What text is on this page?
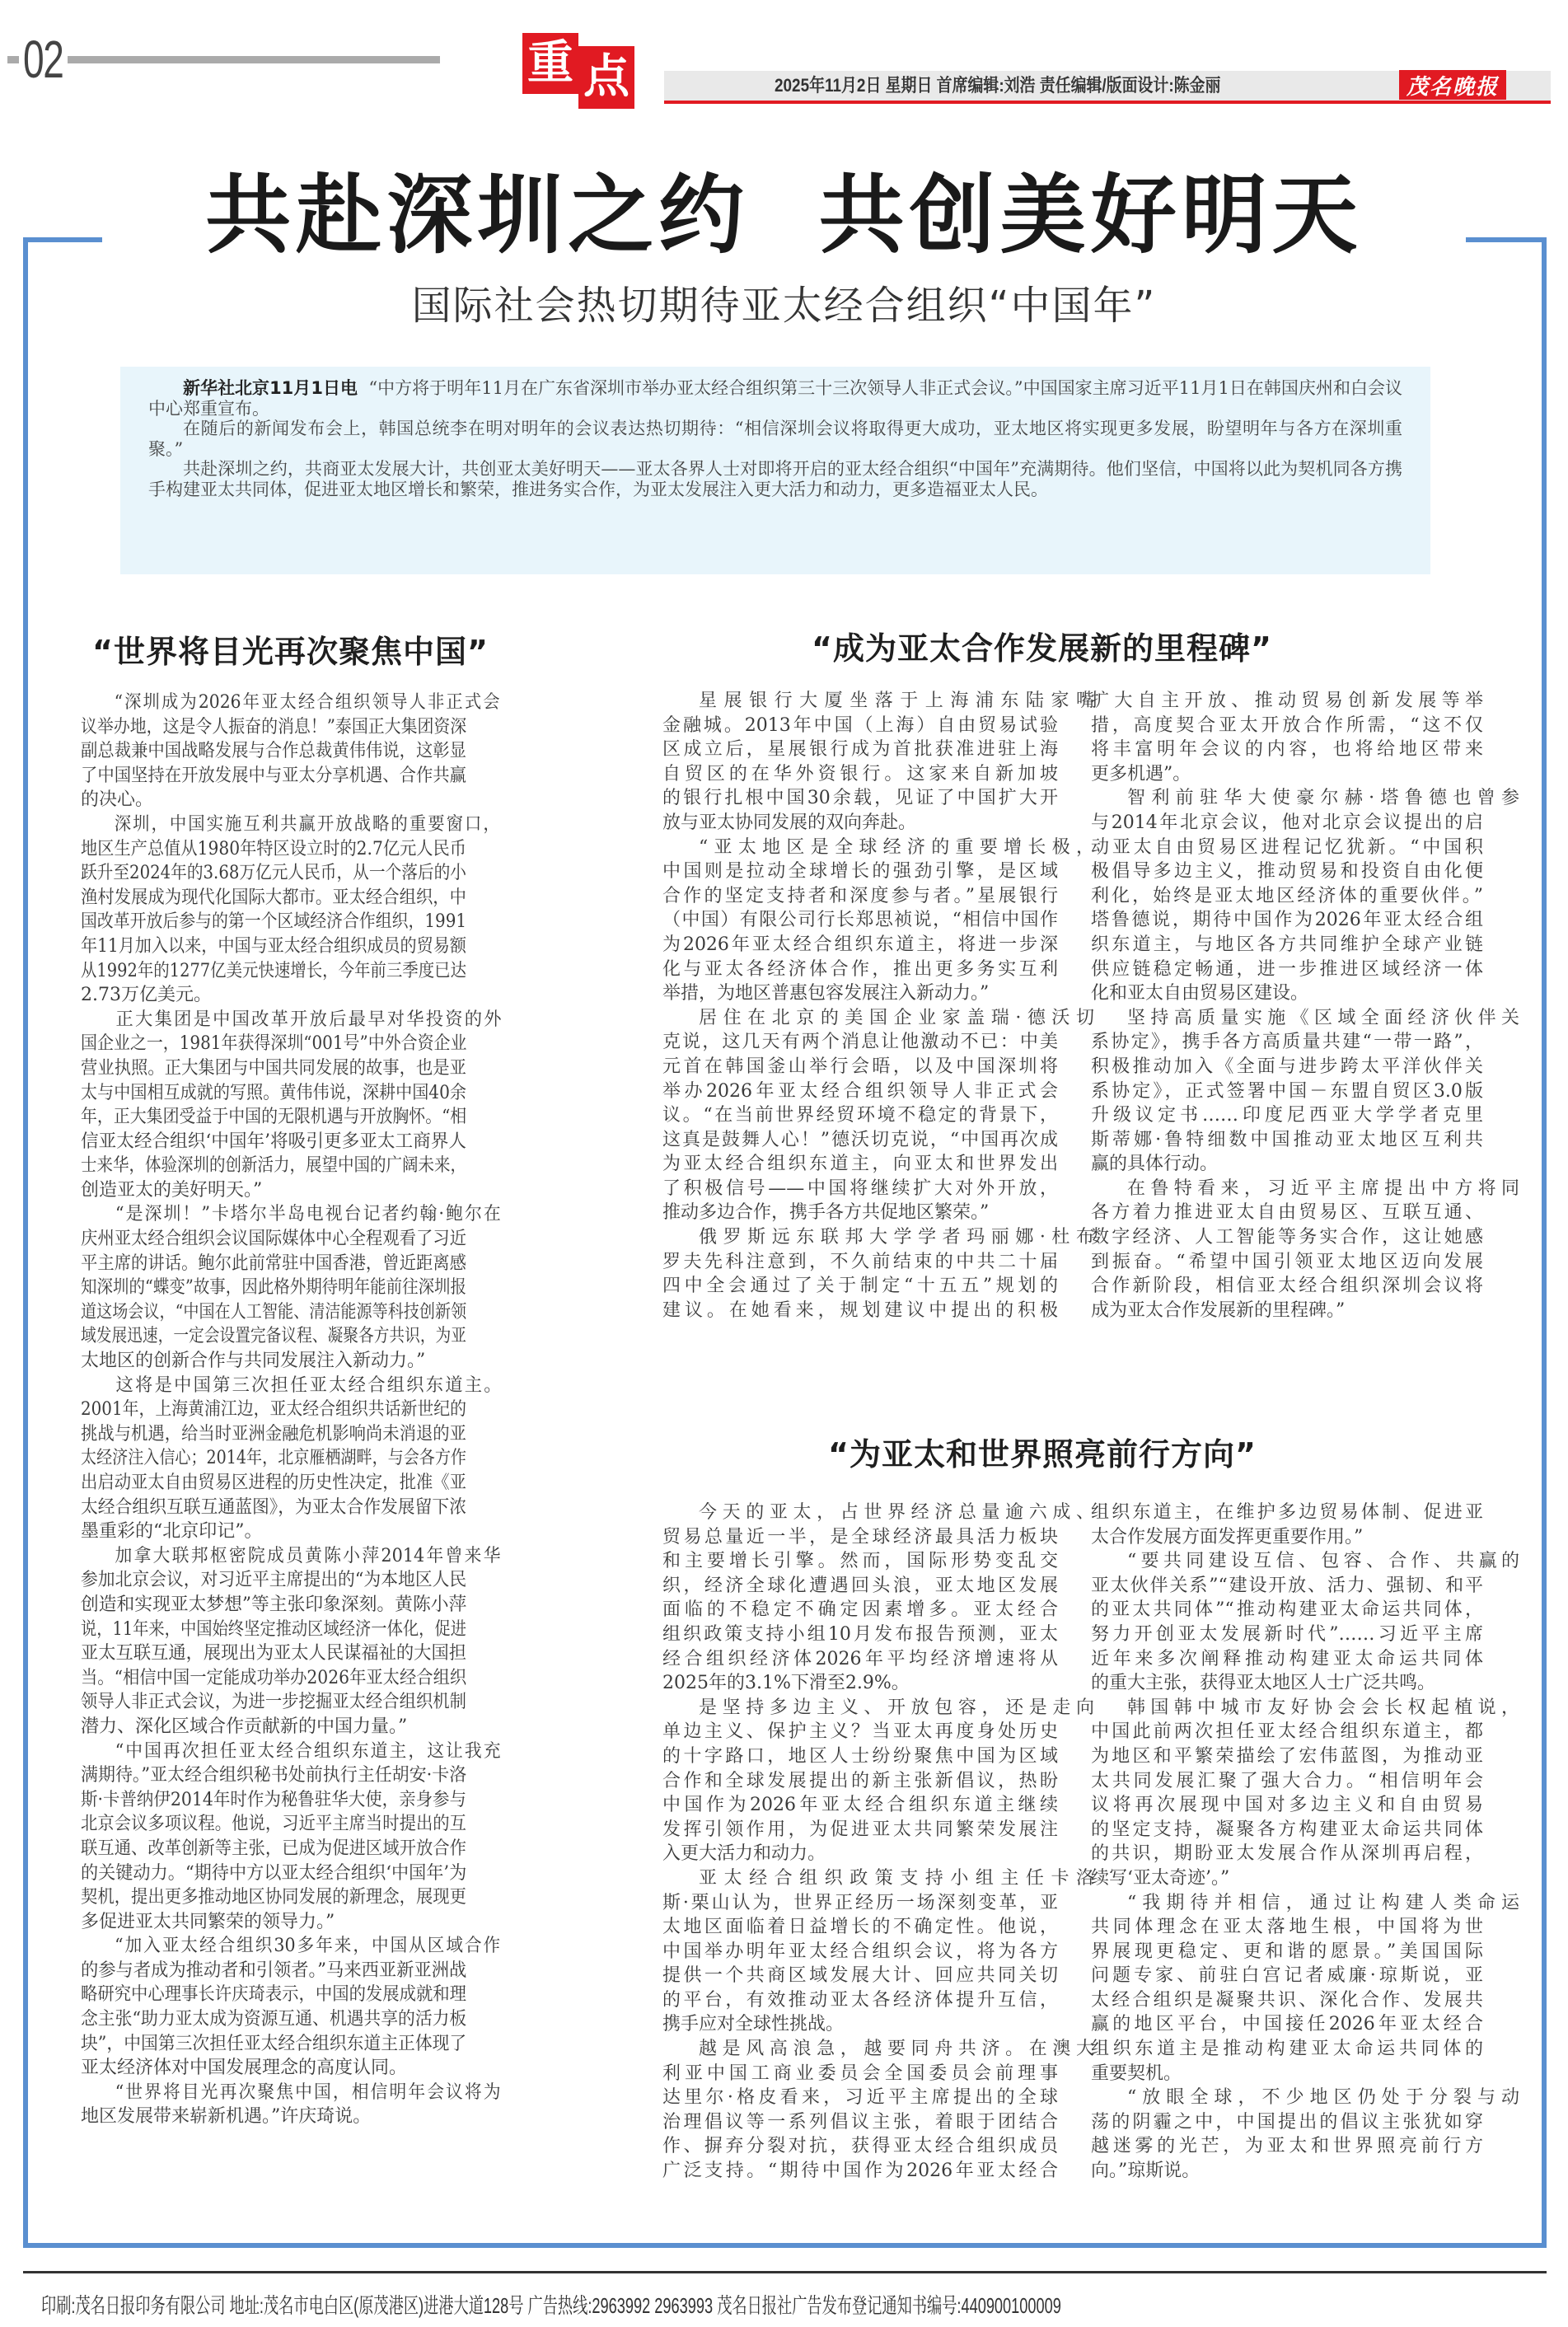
02	重 点	2025年11月2日 星期日 首席编辑:刘浩 责任编辑/版面设计:陈金丽	茂名晚报
共赴深圳之约  共创美好明天
国际社会热切期待亚太经合组织“中国年”

新华社北京11月1日电 “中方将于明年11月在广东省深圳市举办亚太经合组织第三十三次领导人非正式会议。”中国国家主席习近平11月1日在韩国庆州和白会议中心郑重宣布。

在随后的新闻发布会上，韩国总统李在明对明年的会议表达热切期待：“相信深圳会议将取得更大成功，亚太地区将实现更多发展，盼望明年与各方在深圳重聚。”

共赴深圳之约，共商亚太发展大计，共创亚太美好明天——亚太各界人士对即将开启的亚太经合组织“中国年”充满期待。他们坚信，中国将以此为契机同各方携手构建亚太共同体，促进亚太地区增长和繁荣，推进务实合作，为亚太发展注入更大活力和动力，更多造福亚太人民。

“世界将目光再次聚焦中国”	“成为亚太合作发展新的里程碑”
“为亚太和世界照亮前行方向”
“深圳成为2026年亚太经合组织领导人非正式会
议举办地，这是令人振奋的消息！”泰国正大集团资深
副总裁兼中国战略发展与合作总裁黄伟伟说，这彰显
了中国坚持在开放发展中与亚太分享机遇、合作共赢
的决心。
深圳，中国实施互利共赢开放战略的重要窗口，
地区生产总值从1980年特区设立时的2.7亿元人民币
跃升至2024年的3.68万亿元人民币，从一个落后的小
渔村发展成为现代化国际大都市。亚太经合组织，中
国改革开放后参与的第一个区域经济合作组织，1991
年11月加入以来，中国与亚太经合组织成员的贸易额
从1992年的1277亿美元快速增长，今年前三季度已达
2.73万亿美元。
正大集团是中国改革开放后最早对华投资的外
国企业之一，1981年获得深圳“001号”中外合资企业
营业执照。正大集团与中国共同发展的故事，也是亚
太与中国相互成就的写照。黄伟伟说，深耕中国40余
年，正大集团受益于中国的无限机遇与开放胸怀。“相
信亚太经合组织‘中国年’将吸引更多亚太工商界人
士来华，体验深圳的创新活力，展望中国的广阔未来，
创造亚太的美好明天。”
“是深圳！”卡塔尔半岛电视台记者约翰·鲍尔在
庆州亚太经合组织会议国际媒体中心全程观看了习近
平主席的讲话。鲍尔此前常驻中国香港，曾近距离感
知深圳的“蝶变”故事，因此格外期待明年能前往深圳报
道这场会议，“中国在人工智能、清洁能源等科技创新领
域发展迅速，一定会设置完备议程、凝聚各方共识，为亚
太地区的创新合作与共同发展注入新动力。”
这将是中国第三次担任亚太经合组织东道主。
2001年，上海黄浦江边，亚太经合组织共话新世纪的
挑战与机遇，给当时亚洲金融危机影响尚未消退的亚
太经济注入信心；2014年，北京雁栖湖畔，与会各方作
出启动亚太自由贸易区进程的历史性决定，批准《亚
太经合组织互联互通蓝图》，为亚太合作发展留下浓
墨重彩的“北京印记”。
加拿大联邦枢密院成员黄陈小萍2014年曾来华
参加北京会议，对习近平主席提出的“为本地区人民
创造和实现亚太梦想”等主张印象深刻。黄陈小萍
说，11年来，中国始终坚定推动区域经济一体化，促进
亚太互联互通，展现出为亚太人民谋福祉的大国担
当。“相信中国一定能成功举办2026年亚太经合组织
领导人非正式会议，为进一步挖掘亚太经合组织机制
潜力、深化区域合作贡献新的中国力量。”
“中国再次担任亚太经合组织东道主，这让我充
满期待。”亚太经合组织秘书处前执行主任胡安·卡洛
斯·卡普纳伊2014年时作为秘鲁驻华大使，亲身参与
北京会议多项议程。他说，习近平主席当时提出的互
联互通、改革创新等主张，已成为促进区域开放合作
的关键动力。“期待中方以亚太经合组织‘中国年’为
契机，提出更多推动地区协同发展的新理念，展现更
多促进亚太共同繁荣的领导力。”
“加入亚太经合组织30多年来，中国从区域合作
的参与者成为推动者和引领者。”马来西亚新亚洲战
略研究中心理事长许庆琦表示，中国的发展成就和理
念主张“助力亚太成为资源互通、机遇共享的活力板
块”，中国第三次担任亚太经合组织东道主正体现了
亚太经济体对中国发展理念的高度认同。
“世界将目光再次聚焦中国，相信明年会议将为
地区发展带来崭新机遇。”许庆琦说。
星展银行大厦坐落于上海浦东陆家嘴
金融城。2013年中国（上海）自由贸易试验
区成立后，星展银行成为首批获准进驻上海
自贸区的在华外资银行。这家来自新加坡
的银行扎根中国30余载，见证了中国扩大开
放与亚太协同发展的双向奔赴。
“亚太地区是全球经济的重要增长极，
中国则是拉动全球增长的强劲引擎，是区域
合作的坚定支持者和深度参与者。”星展银行
（中国）有限公司行长郑思祯说，“相信中国作
为2026年亚太经合组织东道主，将进一步深
化与亚太各经济体合作，推出更多务实互利
举措，为地区普惠包容发展注入新动力。”
居住在北京的美国企业家盖瑞·德沃切
克说，这几天有两个消息让他激动不已：中美
元首在韩国釜山举行会晤，以及中国深圳将
举办2026年亚太经合组织领导人非正式会
议。“在当前世界经贸环境不稳定的背景下，
这真是鼓舞人心！”德沃切克说，“中国再次成
为亚太经合组织东道主，向亚太和世界发出
了积极信号——中国将继续扩大对外开放，
推动多边合作，携手各方共促地区繁荣。”
俄罗斯远东联邦大学学者玛丽娜·杜布
罗夫先科注意到，不久前结束的中共二十届
四中全会通过了关于制定“十五五”规划的
建议。在她看来，规划建议中提出的积极
扩大自主开放、推动贸易创新发展等举
措，高度契合亚太开放合作所需，“这不仅
将丰富明年会议的内容，也将给地区带来
更多机遇”。
智利前驻华大使豪尔赫·塔鲁德也曾参
与2014年北京会议，他对北京会议提出的启
动亚太自由贸易区进程记忆犹新。“中国积
极倡导多边主义，推动贸易和投资自由化便
利化，始终是亚太地区经济体的重要伙伴。”
塔鲁德说，期待中国作为2026年亚太经合组
织东道主，与地区各方共同维护全球产业链
供应链稳定畅通，进一步推进区域经济一体
化和亚太自由贸易区建设。
坚持高质量实施《区域全面经济伙伴关
系协定》，携手各方高质量共建“一带一路”，
积极推动加入《全面与进步跨太平洋伙伴关
系协定》，正式签署中国－东盟自贸区3.0版
升级议定书……印度尼西亚大学学者克里
斯蒂娜·鲁特细数中国推动亚太地区互利共
赢的具体行动。
在鲁特看来，习近平主席提出中方将同
各方着力推进亚太自由贸易区、互联互通、
数字经济、人工智能等务实合作，这让她感
到振奋。“希望中国引领亚太地区迈向发展
合作新阶段，相信亚太经合组织深圳会议将
成为亚太合作发展新的里程碑。”
今天的亚太，占世界经济总量逾六成、
贸易总量近一半，是全球经济最具活力板块
和主要增长引擎。然而，国际形势变乱交
织，经济全球化遭遇回头浪，亚太地区发展
面临的不稳定不确定因素增多。亚太经合
组织政策支持小组10月发布报告预测，亚太
经合组织经济体2026年平均经济增速将从
2025年的3.1%下滑至2.9%。
是坚持多边主义、开放包容，还是走向
单边主义、保护主义？当亚太再度身处历史
的十字路口，地区人士纷纷聚焦中国为区域
合作和全球发展提出的新主张新倡议，热盼
中国作为2026年亚太经合组织东道主继续
发挥引领作用，为促进亚太共同繁荣发展注
入更大活力和动力。
亚太经合组织政策支持小组主任卡洛
斯·栗山认为，世界正经历一场深刻变革，亚
太地区面临着日益增长的不确定性。他说，
中国举办明年亚太经合组织会议，将为各方
提供一个共商区域发展大计、回应共同关切
的平台，有效推动亚太各经济体提升互信，
携手应对全球性挑战。
越是风高浪急，越要同舟共济。在澳大
利亚中国工商业委员会全国委员会前理事
达里尔·格皮看来，习近平主席提出的全球
治理倡议等一系列倡议主张，着眼于团结合
作、摒弃分裂对抗，获得亚太经合组织成员
广泛支持。“期待中国作为2026年亚太经合
组织东道主，在维护多边贸易体制、促进亚
太合作发展方面发挥更重要作用。”
“要共同建设互信、包容、合作、共赢的
亚太伙伴关系”“建设开放、活力、强韧、和平
的亚太共同体”“推动构建亚太命运共同体，
努力开创亚太发展新时代”……习近平主席
近年来多次阐释推动构建亚太命运共同体
的重大主张，获得亚太地区人士广泛共鸣。
韩国韩中城市友好协会会长权起植说，
中国此前两次担任亚太经合组织东道主，都
为地区和平繁荣描绘了宏伟蓝图，为推动亚
太共同发展汇聚了强大合力。“相信明年会
议将再次展现中国对多边主义和自由贸易
的坚定支持，凝聚各方构建亚太命运共同体
的共识，期盼亚太发展合作从深圳再启程，
续写‘亚太奇迹’。”
“我期待并相信，通过让构建人类命运
共同体理念在亚太落地生根，中国将为世
界展现更稳定、更和谐的愿景。”美国国际
问题专家、前驻白宫记者威廉·琼斯说，亚
太经合组织是凝聚共识、深化合作、发展共
赢的地区平台，中国接任2026年亚太经合
组织东道主是推动构建亚太命运共同体的
重要契机。
“放眼全球，不少地区仍处于分裂与动
荡的阴霾之中，中国提出的倡议主张犹如穿
越迷雾的光芒，为亚太和世界照亮前行方
向。”琼斯说。
印刷:茂名日报印务有限公司 地址:茂名市电白区(原茂港区)进港大道128号 广告热线:2963992 2963993 茂名日报社广告发布登记通知书编号:440900100009
